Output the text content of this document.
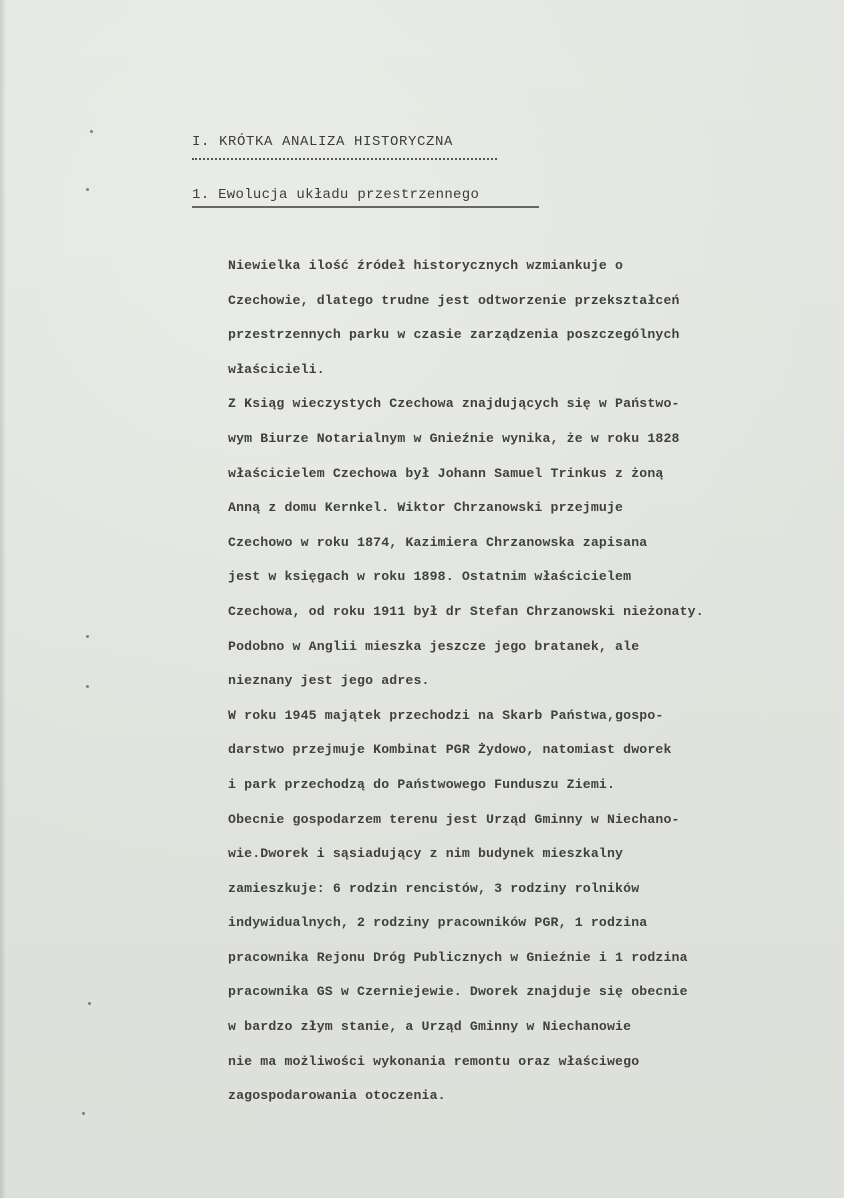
I. KRÓTKA ANALIZA HISTORYCZNA
1. Ewolucja układu przestrzennego
Niewielka ilość źródeł historycznych wzmiankuje o
Czechowie, dlatego trudne jest odtworzenie przekształceń
przestrzennych parku w czasie zarządzenia poszczególnych
właścicieli.
Z Ksiąg wieczystych Czechowa znajdujących się w Państwo-
wym Biurze Notarialnym w Gnieźnie wynika, że w roku 1828
właścicielem Czechowa był Johann Samuel Trinkus z żoną
Anną z domu Kernkel. Wiktor Chrzanowski przejmuje
Czechowo w roku 1874, Kazimiera Chrzanowska zapisana
jest w księgach w roku 1898. Ostatnim właścicielem
Czechowa, od roku 1911 był dr Stefan Chrzanowski nieżonaty.
Podobno w Anglii mieszka jeszcze jego bratanek, ale
nieznany jest jego adres.
W roku 1945 majątek przechodzi na Skarb Państwa,gospo-
darstwo przejmuje Kombinat PGR Żydowo, natomiast dworek
i park przechodzą do Państwowego Funduszu Ziemi.
Obecnie gospodarzem terenu jest Urząd Gminny w Niechano-
wie.Dworek i sąsiadujący z nim budynek mieszkalny
zamieszkuje: 6 rodzin rencistów, 3 rodziny rolników
indywidualnych, 2 rodziny pracowników PGR, 1 rodzina
pracownika Rejonu Dróg Publicznych w Gnieźnie i 1 rodzina
pracownika GS w Czerniejewie. Dworek znajduje się obecnie
w bardzo złym stanie, a Urząd Gminny w Niechanowie
nie ma możliwości wykonania remontu oraz właściwego
zagospodarowania otoczenia.
